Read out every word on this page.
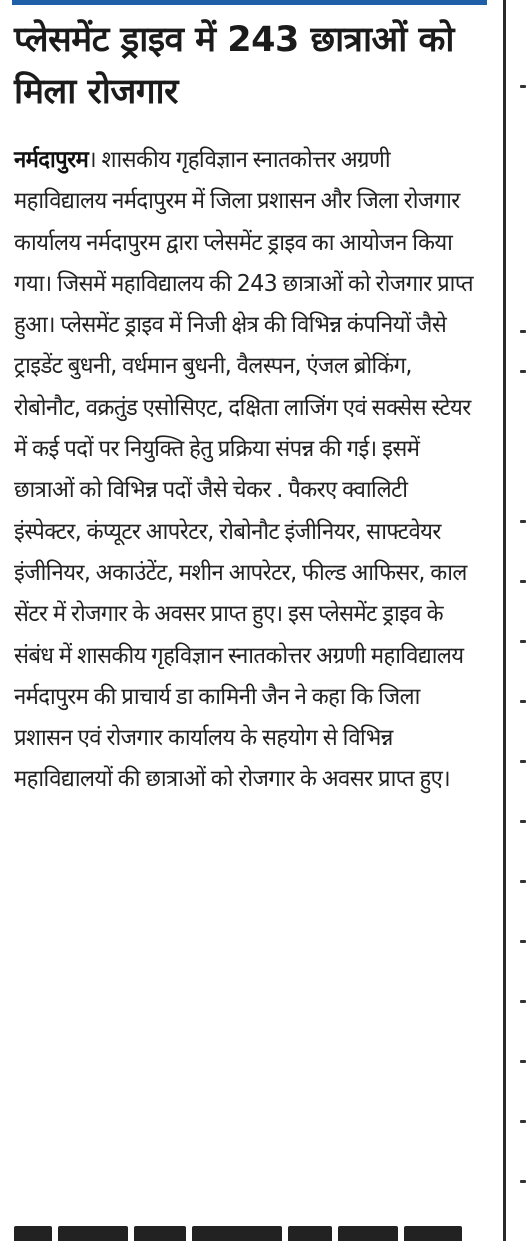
प्लेसमेंट ड्राइव में 243 छात्राओं को मिला रोजगार

नर्मदापुरम। शासकीय गृहविज्ञान स्नातकोत्तर अग्रणी महाविद्यालय नर्मदापुरम में जिला प्रशासन और जिला रोजगार कार्यालय नर्मदापुरम द्वारा प्लेसमेंट ड्राइव का आयोजन किया गया। जिसमें महाविद्यालय की 243 छात्राओं को रोजगार प्राप्त हुआ। प्लेसमेंट ड्राइव में निजी क्षेत्र की विभिन्न कंपनियों जैसे ट्राइडेंट बुधनी, वर्धमान बुधनी, वैलस्पन, एंजल ब्रोकिंग, रोबोनौट, वक्रतुंड एसोसिएट, दक्षिता लाजिंग एवं सक्सेस स्टेयर में कई पदों पर नियुक्ति हेतु प्रक्रिया संपन्न की गई। इसमें छात्राओं को विभिन्न पदों जैसे चेकर . पैकरए क्वालिटी इंस्पेक्टर, कंप्यूटर आपरेटर, रोबोनौट इंजीनियर, साफ्टवेयर इंजीनियर, अकाउंटेंट, मशीन आपरेटर, फील्ड आफिसर, काल सेंटर में रोजगार के अवसर प्राप्त हुए। इस प्लेसमेंट ड्राइव के संबंध में शासकीय गृहविज्ञान स्नातकोत्तर अग्रणी महाविद्यालय नर्मदापुरम की प्राचार्य डा कामिनी जैन ने कहा कि जिला प्रशासन एवं रोजगार कार्यालय के सहयोग से विभिन्न महाविद्यालयों की छात्राओं को रोजगार के अवसर प्राप्त हुए।
